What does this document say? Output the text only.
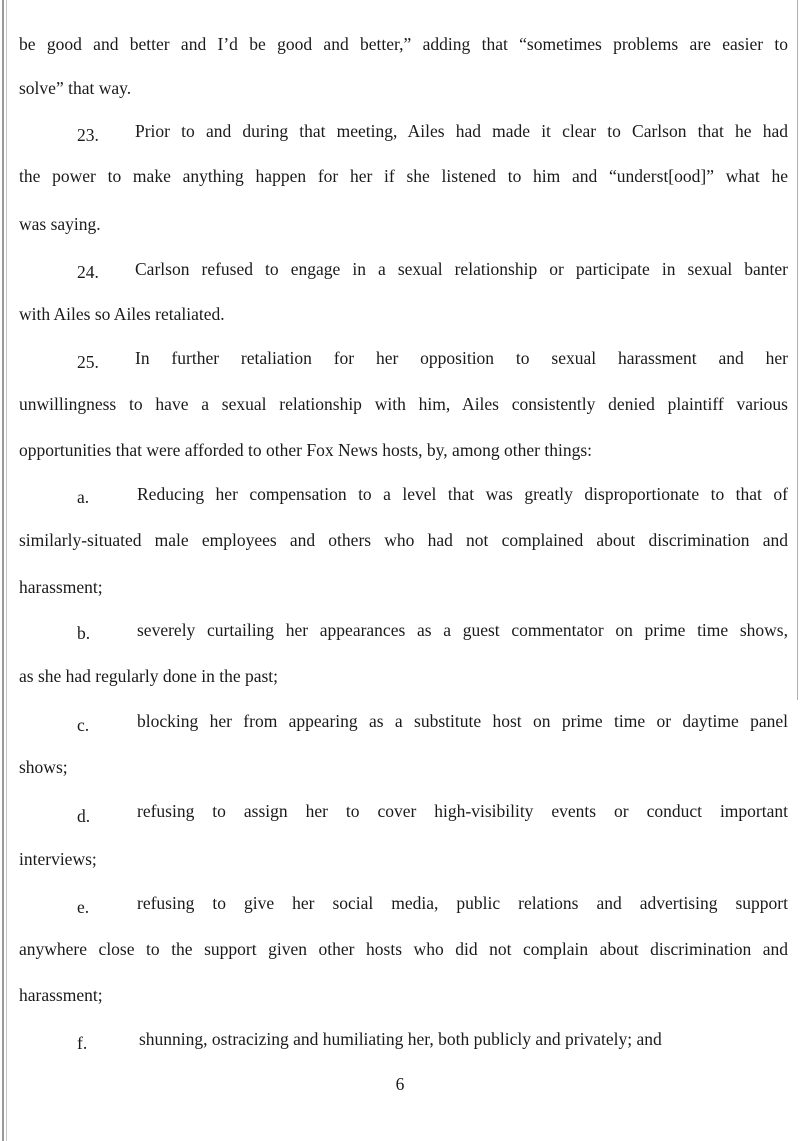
be good and better and I’d be good and better,” adding that “sometimes problems are easier to
solve” that way.
23. Prior to and during that meeting, Ailes had made it clear to Carlson that he had
the power to make anything happen for her if she listened to him and “underst[ood]” what he
was saying.
24. Carlson refused to engage in a sexual relationship or participate in sexual banter
with Ailes so Ailes retaliated.
25. In further retaliation for her opposition to sexual harassment and her
unwillingness to have a sexual relationship with him, Ailes consistently denied plaintiff various
opportunities that were afforded to other Fox News hosts, by, among other things:
a.	Reducing her compensation to a level that was greatly disproportionate to that of
similarly-situated male employees and others who had not complained about discrimination and
harassment;
b.	severely curtailing her appearances as a guest commentator on prime time shows,
as she had regularly done in the past;
c.	blocking her from appearing as a substitute host on prime time or daytime panel
shows;
d.	refusing to assign her to cover high-visibility events or conduct important
interviews;
e.	refusing to give her social media, public relations and advertising support
anywhere close to the support given other hosts who did not complain about discrimination and
harassment;
f.	shunning, ostracizing and humiliating her, both publicly and privately; and
6
